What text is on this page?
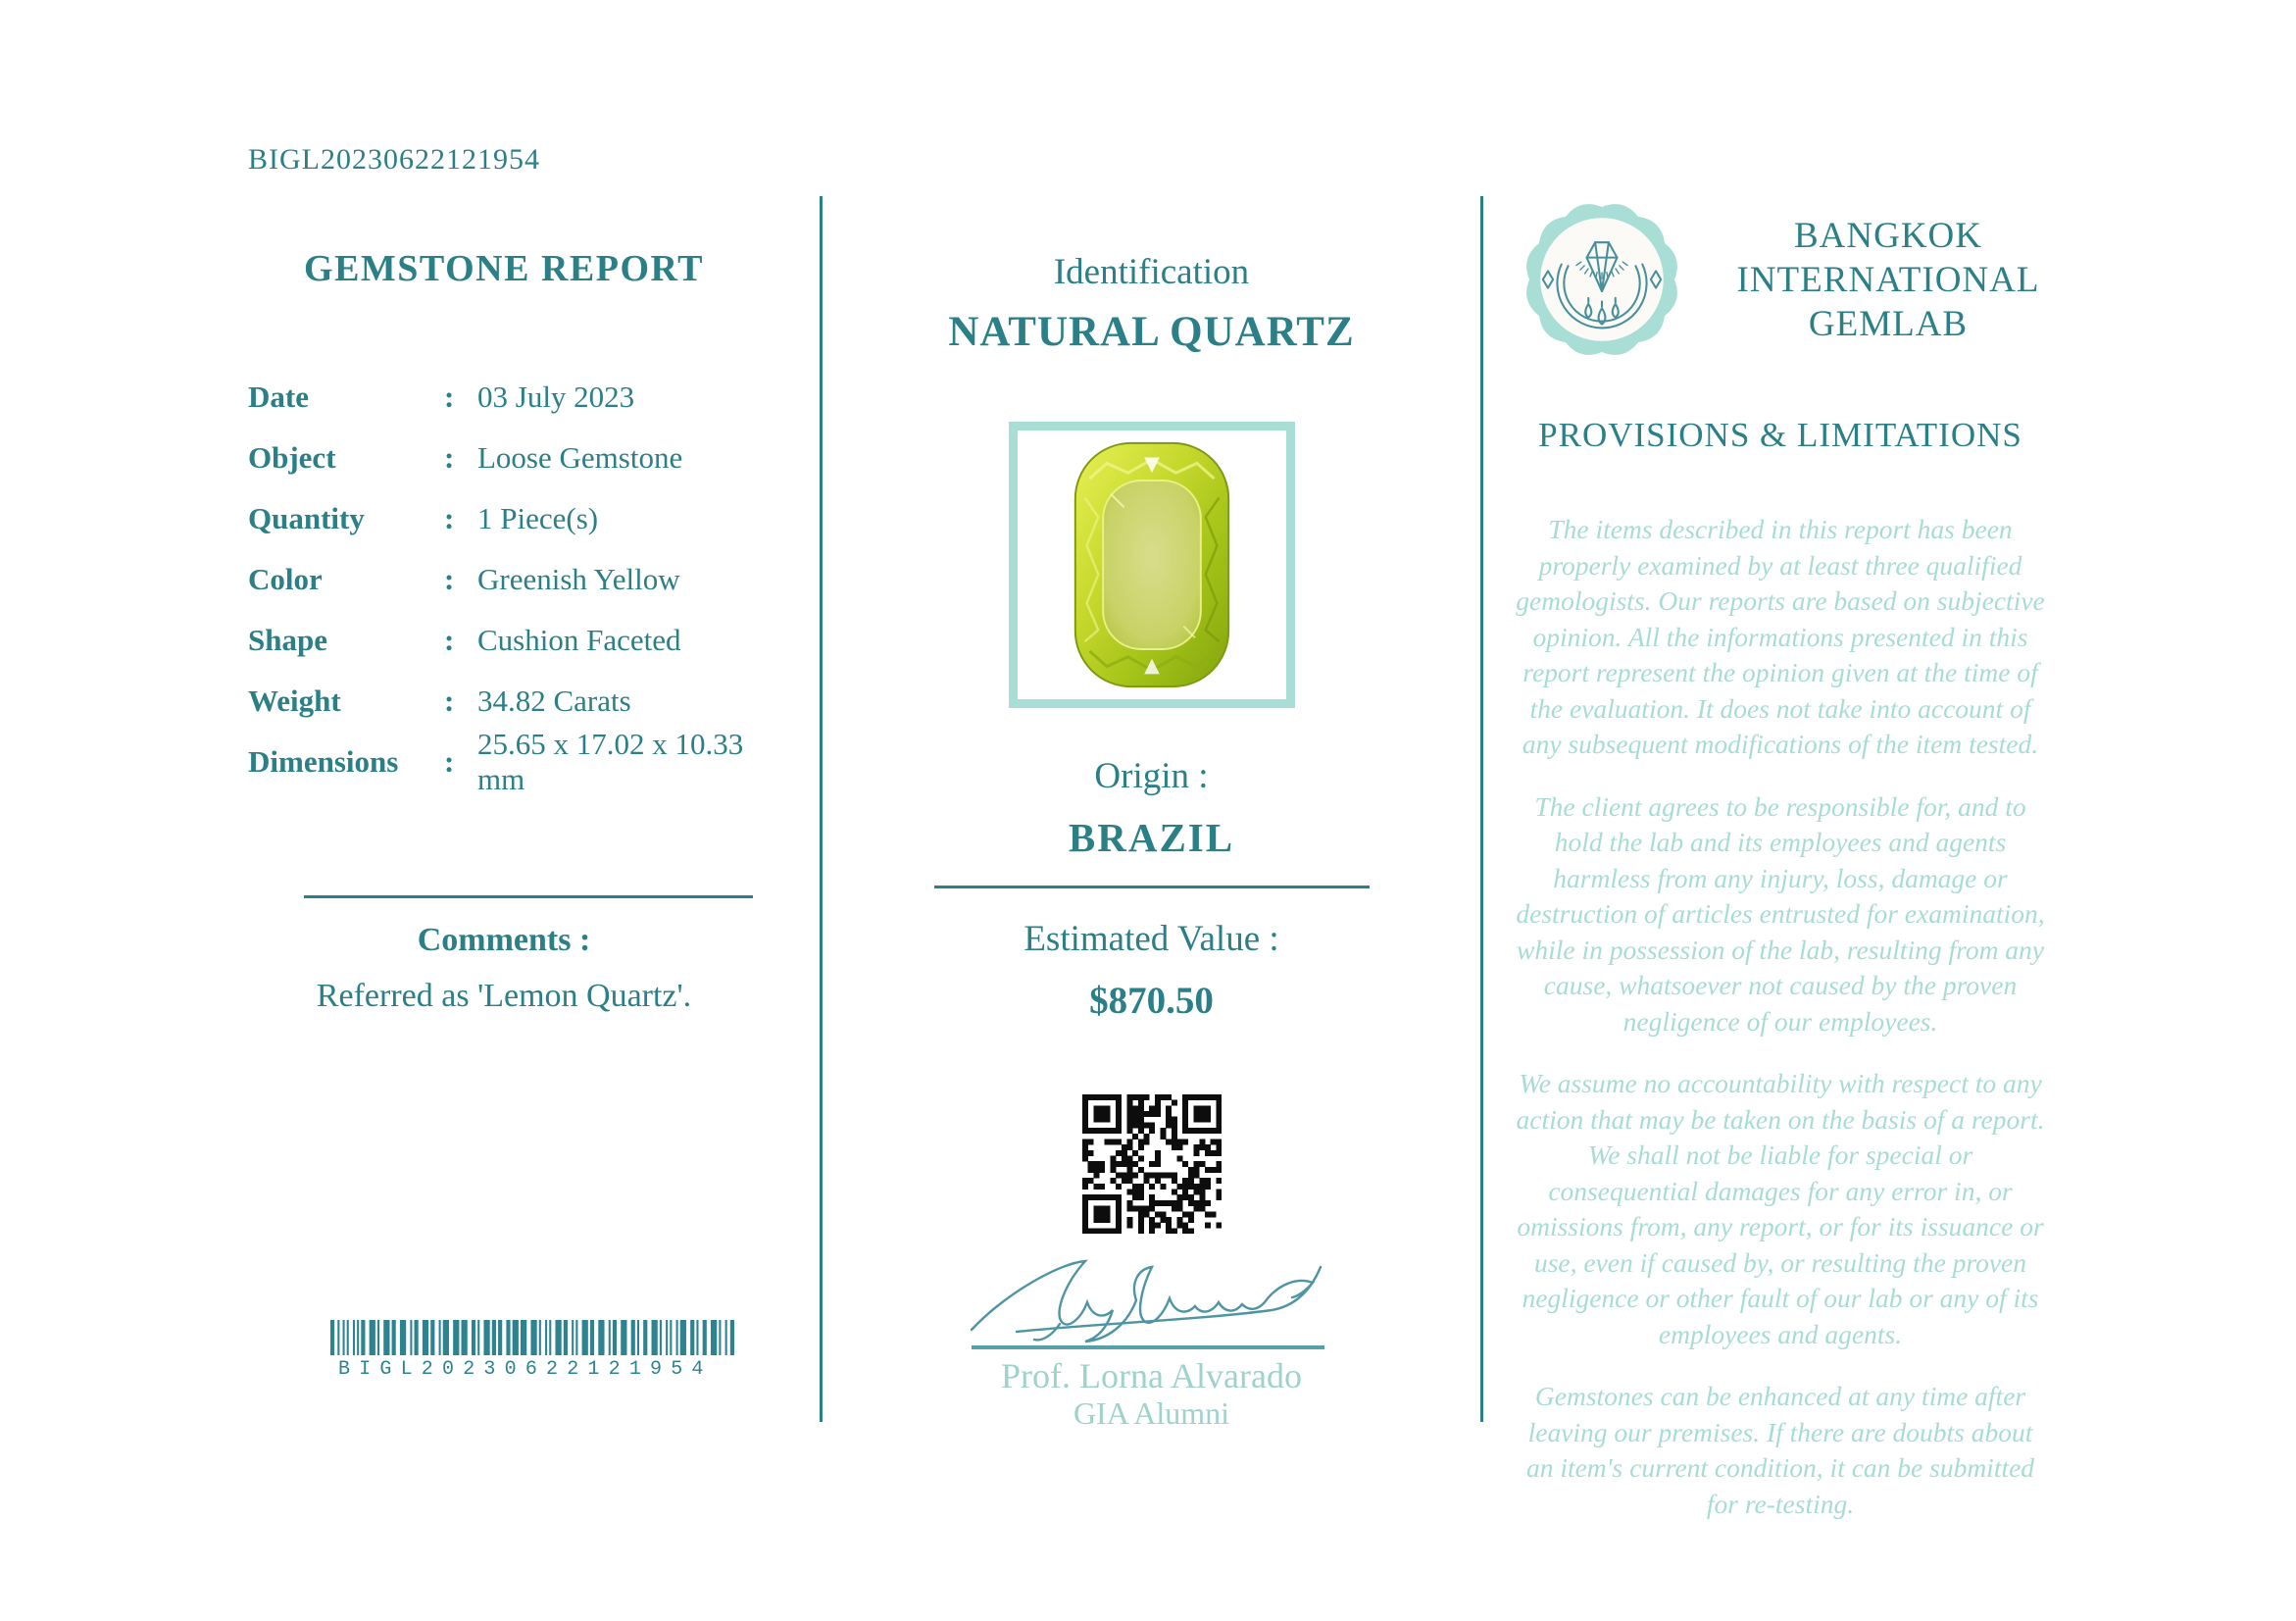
BIGL20230622121954
GEMSTONE REPORT
Date	: 03 July 2023
Object	: Loose Gemstone
Quantity	: 1 Piece(s)
Color	: Greenish Yellow
Shape	: Cushion Faceted
Weight	: 34.82 Carats
Dimensions	:
25.65 x 17.02 x 10.33 mm
Comments :
Referred as 'Lemon Quartz'.
BIGL20230622121954
Identification
NATURAL QUARTZ
Origin :
BRAZIL
Estimated Value :
$870.50
Prof. Lorna Alvarado
GIA Alumni
BANGKOK
INTERNATIONAL
GEMLAB
PROVISIONS & LIMITATIONS

The items described in this report has been properly examined by at least three qualified gemologists. Our reports are based on subjective opinion. All the informations presented in this report represent the opinion given at the time of the evaluation. It does not take into account of any subsequent modifications of the item tested.

The client agrees to be responsible for, and to hold the lab and its employees and agents harmless from any injury, loss, damage or destruction of articles entrusted for examination, while in possession of the lab, resulting from any cause, whatsoever not caused by the proven negligence of our employees.

We assume no accountability with respect to any action that may be taken on the basis of a report. We shall not be liable for special or consequential damages for any error in, or omissions from, any report, or for its issuance or use, even if caused by, or resulting the proven negligence or other fault of our lab or any of its employees and agents.

Gemstones can be enhanced at any time after leaving our premises. If there are doubts about an item's current condition, it can be submitted for re-testing.
